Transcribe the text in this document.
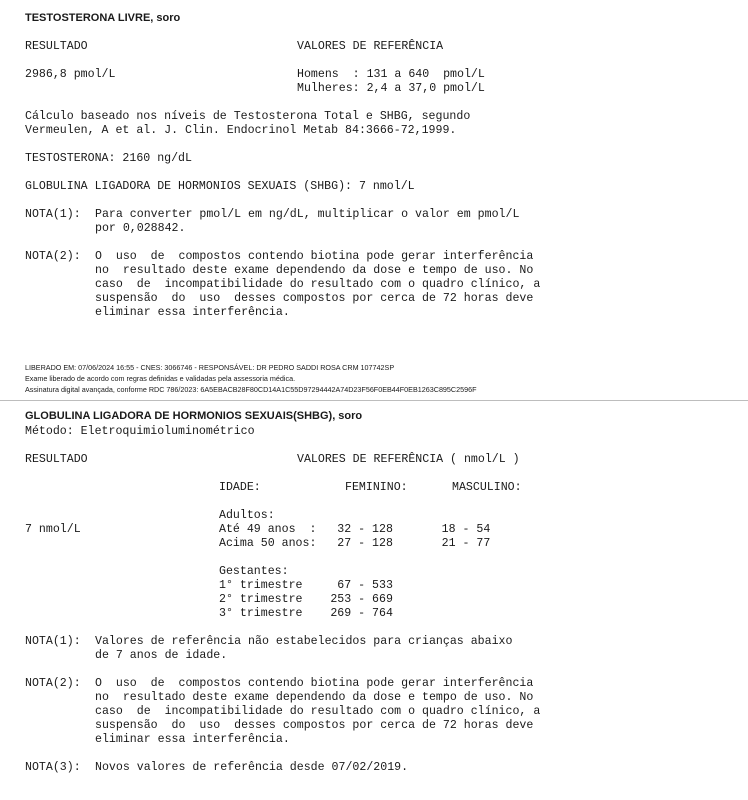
TESTOSTERONA LIVRE, soro
RESULTADO	VALORES DE REFERÊNCIA
2986,8 pmol/L	Homens  : 131 a 640  pmol/L
Mulheres: 2,4 a 37,0 pmol/L
Cálculo baseado nos níveis de Testosterona Total e SHBG, segundo
Vermeulen, A et al. J. Clin. Endocrinol Metab 84:3666-72,1999.
TESTOSTERONA: 2160 ng/dL
GLOBULINA LIGADORA DE HORMONIOS SEXUAIS (SHBG): 7 nmol/L
NOTA(1): Para converter pmol/L em ng/dL, multiplicar o valor em pmol/L
por 0,028842.
NOTA(2): O  uso  de  compostos contendo biotina pode gerar interferência
no  resultado deste exame dependendo da dose e tempo de uso. No
caso  de  incompatibilidade do resultado com o quadro clínico, a
suspensão  do  uso  desses compostos por cerca de 72 horas deve
eliminar essa interferência.
LIBERADO EM: 07/06/2024 16:55 - CNES: 3066746 - RESPONSÁVEL: DR PEDRO SADDI ROSA CRM 107742SP
Exame liberado de acordo com regras definidas e validadas pela assessoria médica.
Assinatura digital avançada, conforme RDC 786/2023: 6A5EBACB28F80CD14A1C55D97294442A74D23F56F0EB44F0EB1263C895C2596F
GLOBULINA LIGADORA DE HORMONIOS SEXUAIS(SHBG), soro
Método: Eletroquimioluminométrico
RESULTADO	VALORES DE REFERÊNCIA ( nmol/L )
IDADE:	FEMININO:	MASCULINO:
Adultos:
7 nmol/L	Até 49 anos  :   32 - 128       18 - 54
Acima 50 anos:   27 - 128       21 - 77
Gestantes:
1° trimestre     67 - 533
2° trimestre    253 - 669
3° trimestre    269 - 764
NOTA(1): Valores de referência não estabelecidos para crianças abaixo
de 7 anos de idade.
NOTA(2): O  uso  de  compostos contendo biotina pode gerar interferência
no  resultado deste exame dependendo da dose e tempo de uso. No
caso  de  incompatibilidade do resultado com o quadro clínico, a
suspensão  do  uso  desses compostos por cerca de 72 horas deve
eliminar essa interferência.
NOTA(3): Novos valores de referência desde 07/02/2019.
